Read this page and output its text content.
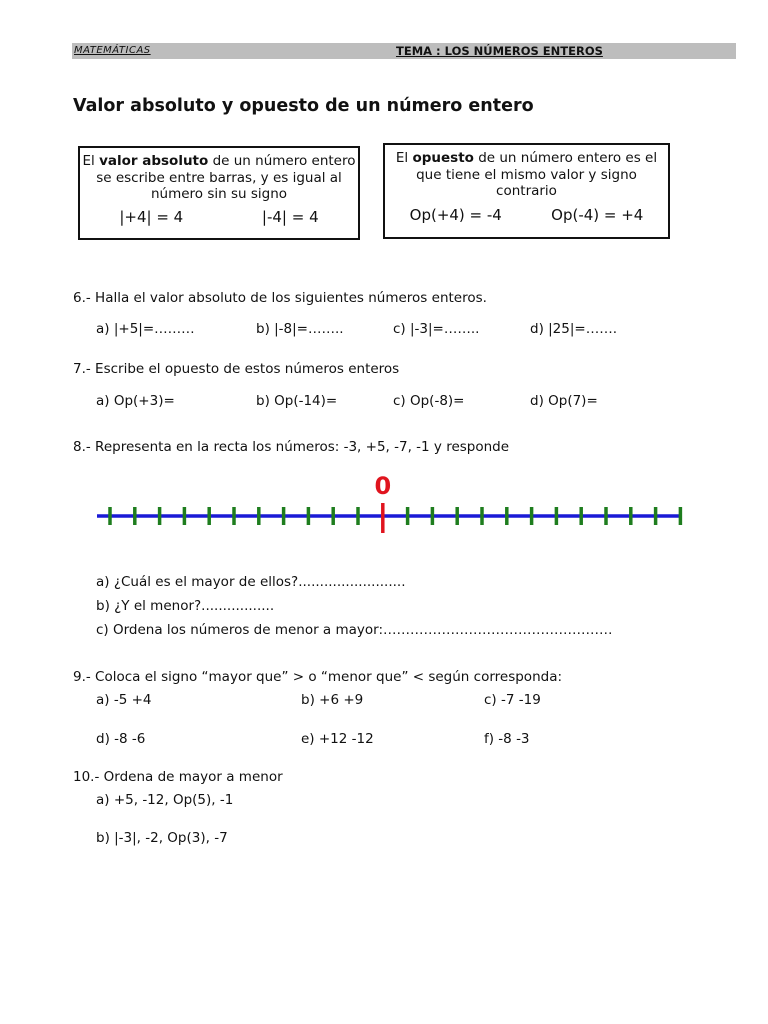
MATEMÁTICAS	TEMA : LOS NÚMEROS ENTEROS
Valor absoluto y opuesto de un número entero
El valor absoluto de un número entero se escribe entre barras, y es igual al número sin su signo
|+4| = 4	|-4| = 4
El opuesto de un número entero es el que tiene el mismo valor y signo contrario
Op(+4) = -4	Op(-4) = +4
6.- Halla el valor absoluto de los siguientes números enteros.
a) |+5|=………	b) |-8|=……..	c) |-3|=……..	d) |25|=…….
7.- Escribe el opuesto de estos números enteros
a) Op(+3)=	b) Op(-14)=	c) Op(-8)=	d) Op(7)=
8.- Representa en la recta los números: -3, +5, -7, -1 y responde
0
a) ¿Cuál es el mayor de ellos?.........................
b) ¿Y el menor?.................
c) Ordena los números de menor a mayor:……………………………………………
9.- Coloca el signo “mayor que” > o “menor que” < según corresponda:
a) -5 +4	b) +6 +9	c) -7 -19
d) -8 -6	e) +12 -12	f) -8 -3
10.- Ordena de mayor a menor
a) +5, -12, Op(5), -1
b) |-3|, -2, Op(3), -7
